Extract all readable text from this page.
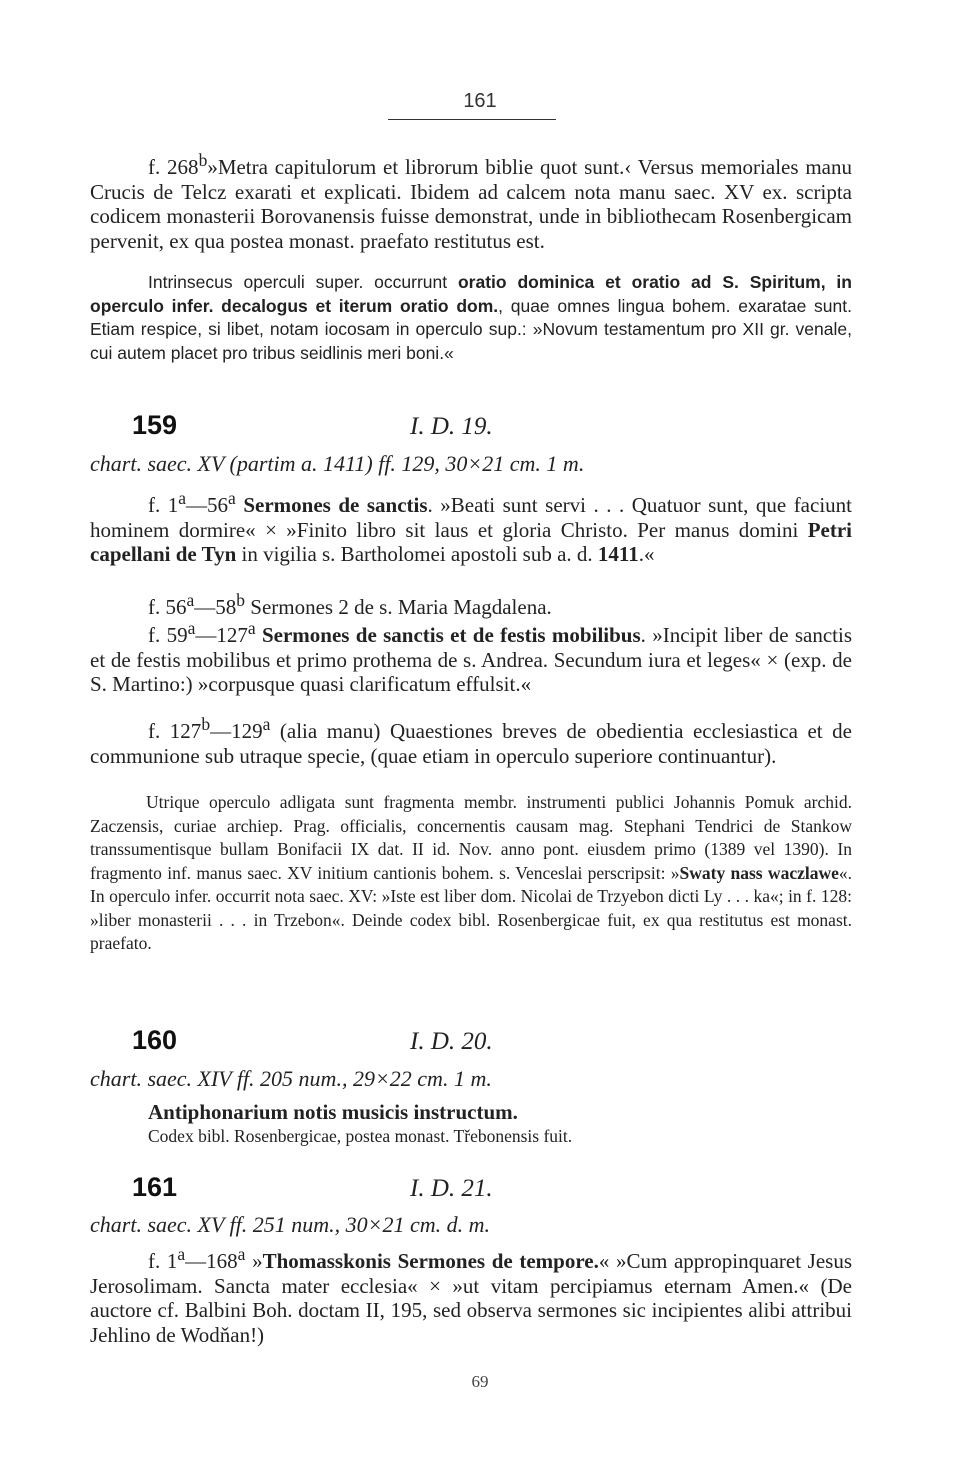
161

f. 268$^b$»Metra capitulorum et librorum biblie quot sunt.‹ Versus memoriales manu Crucis de Telcz exarati et explicati. Ibidem ad calcem nota manu saec. XV ex. scripta codicem monasterii Borovanensis fuisse demonstrat, unde in bibliothecam Rosenbergicam pervenit, ex qua postea monast. praefato restitutus est.

Intrinsecus operculi super. occurrunt oratio dominica et oratio ad S. Spiritum, in operculo infer. decalogus et iterum oratio dom., quae omnes lingua bohem. exaratae sunt. Etiam respice, si libet, notam iocosam in operculo sup.: »Novum testamentum pro XII gr. venale, cui autem placet pro tribus seidlinis meri boni.«

159	I. D. 19.
chart. saec. XV (partim a. 1411) ff. 129, 30×21 cm. 1 m.

f. 1$^a$—56$^a$ Sermones de sanctis. »Beati sunt servi . . . Quatuor sunt, que faciunt hominem dormire« × »Finito libro sit laus et gloria Christo. Per manus domini Petri capellani de Tyn in vigilia s. Bartholomei apostoli sub a. d. 1411.«

f. 56$^a$—58$^b$ Sermones 2 de s. Maria Magdalena.

f. 59$^a$—127$^a$ Sermones de sanctis et de festis mobilibus. »Incipit liber de sanctis et de festis mobilibus et primo prothema de s. Andrea. Secundum iura et leges« × (exp. de S. Martino:) »corpusque quasi clarificatum effulsit.«

f. 127$^b$—129$^a$ (alia manu) Quaestiones breves de obedientia ecclesiastica et de communione sub utraque specie, (quae etiam in operculo superiore continuantur).

Utrique operculo adligata sunt fragmenta membr. instrumenti publici Johannis Pomuk archid. Zaczensis, curiae archiep. Prag. officialis, concernentis causam mag. Stephani Tendrici de Stankow transsumentisque bullam Bonifacii IX dat. II id. Nov. anno pont. eiusdem primo (1389 vel 1390). In fragmento inf. manus saec. XV initium cantionis bohem. s. Venceslai perscripsit: »Swaty nass waczlawe«. In operculo infer. occurrit nota saec. XV: »Iste est liber dom. Nicolai de Trzyebon dicti Ly . . . ka«; in f. 128: »liber monasterii . . . in Trzebon«. Deinde codex bibl. Rosenbergicae fuit, ex qua restitutus est monast. praefato.

160	I. D. 20.
chart. saec. XIV ff. 205 num., 29×22 cm. 1 m.

Antiphonarium notis musicis instructum.

Codex bibl. Rosenbergicae, postea monast. Třebonensis fuit.

161	I. D. 21.
chart. saec. XV ff. 251 num., 30×21 cm. d. m.

f. 1$^a$—168$^a$ »Thomasskonis Sermones de tempore.« »Cum appropinquaret Jesus Jerosolimam. Sancta mater ecclesia« × »ut vitam percipiamus eternam Amen.« (De auctore cf. Balbini Boh. doctam II, 195, sed observa sermones sic incipientes alibi attribui Jehlino de Wodňan!)

69
